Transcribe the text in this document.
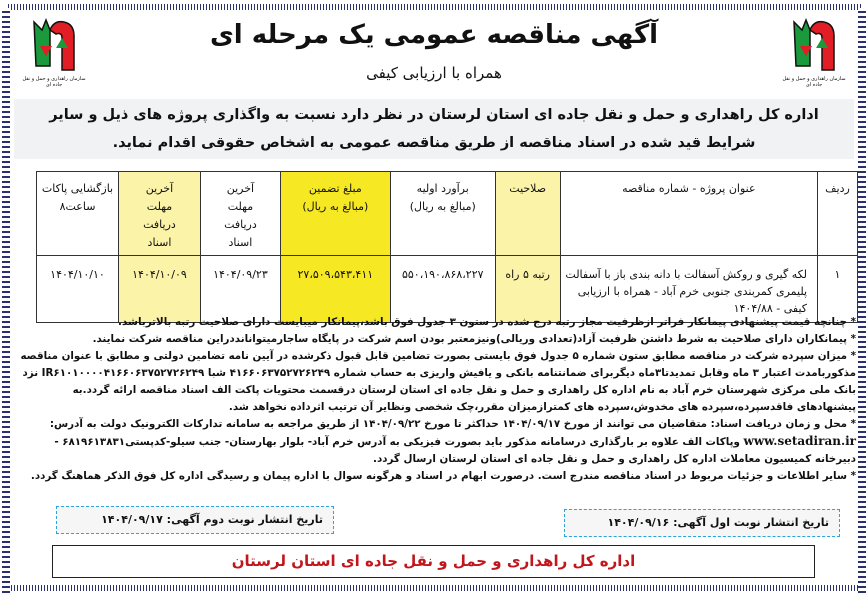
سازمان راهداری و حمل و نقل جاده ای
سازمان راهداری و حمل و نقل جاده ای
آگهی مناقصه عمومی یک مرحله ای
همراه با ارزیابی کیفی
اداره کل راهداری و حمل و نقل جاده ای استان لرستان در نظر دارد نسبت به واگذاری پروژه های ذیل و سایر شرایط قید شده در اسناد مناقصه از طریق مناقصه عمومی به اشخاص حقوقی اقدام نماید.
ردیف	عنوان پروژه - شماره مناقصه	صلاحیت	برآورد اولیه (مبالغ به ریال)	مبلغ تضمین (مبالغ به ریال)	آخرین مهلت دریافت اسناد	آخرین مهلت دریافت اسناد	بازگشایی پاکات ساعت۸
۱	لکه گیری و روکش آسفالت با دانه بندی باز با آسفالت پلیمری کمربندی جنوبی خرم آباد - همراه با ارزیابی کیفی - ۱۴۰۴/۸۸	رتبه ۵ راه	۵۵۰،۱۹۰،۸۶۸،۲۲۷	۲۷،۵۰۹،۵۴۳،۴۱۱	۱۴۰۴/۰۹/۲۳	۱۴۰۴/۱۰/۰۹	۱۴۰۴/۱۰/۱۰

* چنانچه قیمت پیشنهادی پیمانکار فراتر ازظرفیت مجاز رتبه درج شده در ستون ۳ جدول فوق باشد،پیمانکار میبایست دارای صلاحیت رتبه بالاترباشد.

* پیمانکاران دارای صلاحیت به شرط داشتن ظرفیت آزاد(تعدادی وریالی)ونیزمعتبر بودن اسم شرکت در پایگاه ساجارمیتوانانددراین مناقصه شرکت نمایند.

* میزان سپرده شرکت در مناقصه مطابق ستون شماره ۵ جدول فوق بایستی بصورت تضامین قابل قبول ذکرشده در آیین نامه تضامین دولتی و مطابق با عنوان مناقصه مذکوربامدت اعتبار ۳ ماه وقابل تمدیدتا۳ماه دیگربرای ضمانتنامه بانکی و یافیش واریزی به حساب شماره ۴۱۶۶۰۶۳۷۵۲۷۲۶۲۴۹ شبا IR۶۱۰۱۰۰۰۰۴۱۶۶۰۶۳۷۵۲۷۲۶۲۴۹ نزد بانک ملی مرکزی شهرستان خرم آباد به نام اداره کل راهداری و حمل و نقل جاده ای استان لرستان درقسمت محتویات پاکت الف اسناد مناقصه ارائه گردد.به پیشنهادهای فاقدسپرده،سپرده های مخدوش،سپرده های کمترازمیزان مقرر،چک شخصی ونظایر آن ترتیب اثرداده نخواهد شد.

* محل و زمان دریافت اسناد: متقاضیان می توانند از مورخ ۱۴۰۴/۰۹/۱۷ حداکثر تا مورخ ۱۴۰۴/۰۹/۲۲ از طریق مراجعه به سامانه تدارکات الکترونیک دولت به آدرس: www.setadiran.ir وپاکات الف علاوه بر بارگذاری درسامانه مذکور باید بصورت فیزیکی به آدرس خرم آباد- بلوار بهارستان- جنب سیلو-کدپستی۶۸۱۹۶۱۳۸۳۱ - دبیرخانه کمیسیون معاملات اداره کل راهداری و حمل و نقل جاده ای استان لرستان ارسال گردد.

* سایر اطلاعات و جزئیات مربوط در اسناد مناقصه مندرج است. درصورت ابهام در اسناد و هرگونه سوال با اداره پیمان و رسیدگی اداره کل فوق الذکر هماهنگ گردد.

تاریخ انتشار نوبت اول آگهی: ۱۴۰۴/۰۹/۱۶
تاریخ انتشار نوبت دوم آگهی: ۱۴۰۴/۰۹/۱۷
اداره کل راهداری و حمل و نقل جاده ای استان لرستان
